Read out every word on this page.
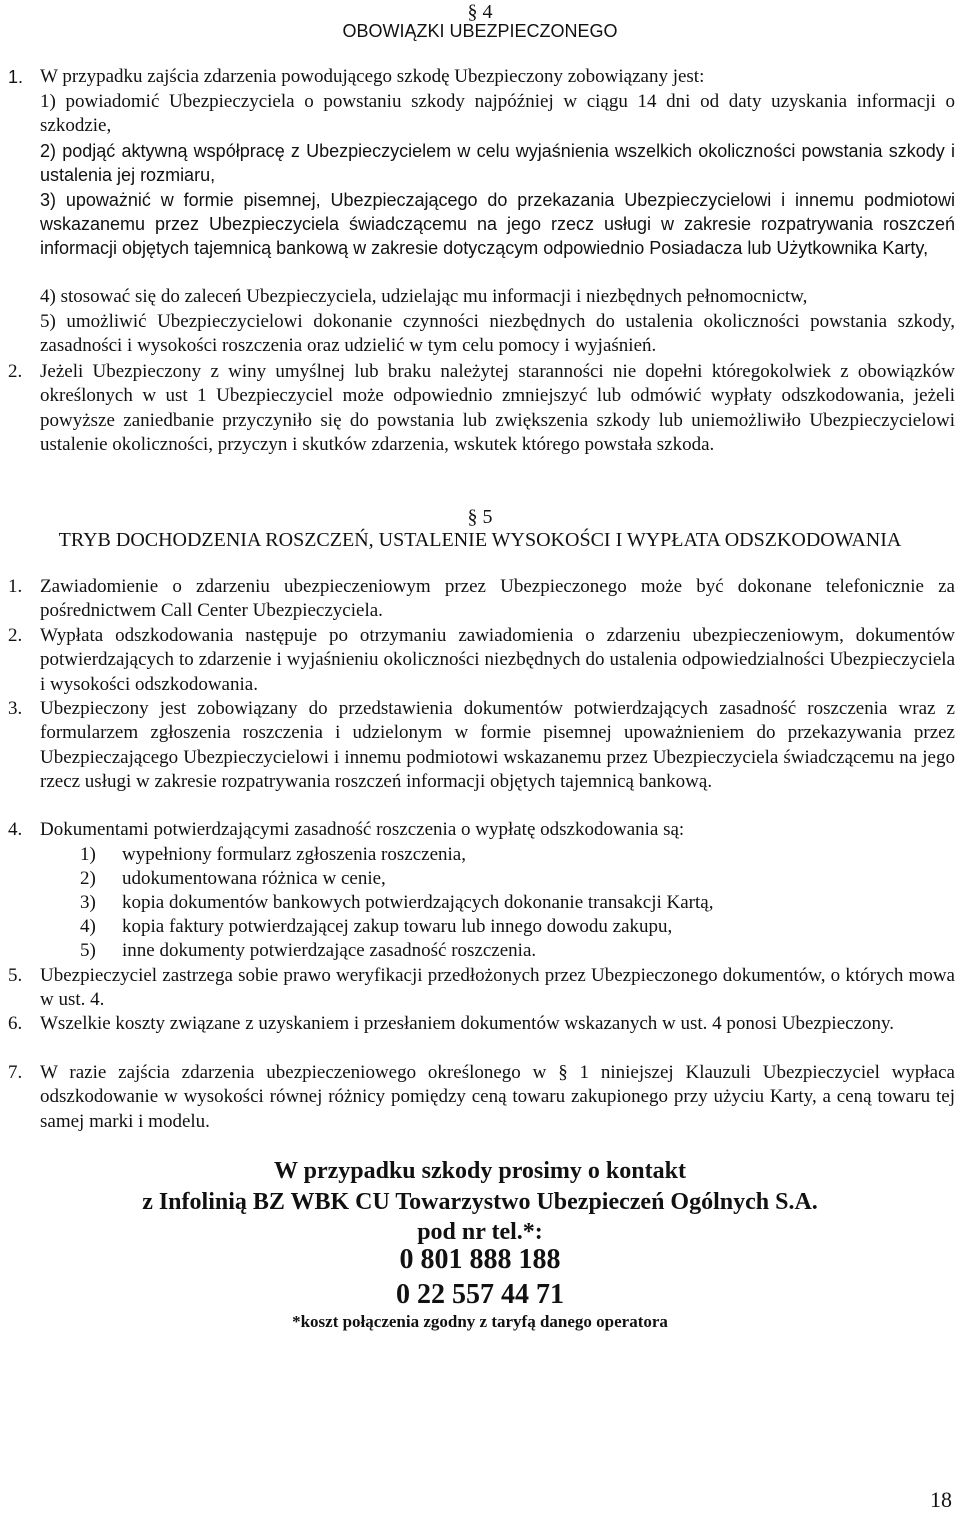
§ 4
OBOWIĄZKI UBEZPIECZONEGO
1. W przypadku zajścia zdarzenia powodującego szkodę Ubezpieczony zobowiązany jest:
1) powiadomić Ubezpieczyciela o powstaniu szkody najpóźniej w ciągu 14 dni od daty uzyskania informacji o szkodzie,
2) podjąć aktywną współpracę z Ubezpieczycielem w celu wyjaśnienia wszelkich okoliczności powstania szkody i ustalenia jej rozmiaru,
3) upoważnić w formie pisemnej, Ubezpieczającego do przekazania Ubezpieczycielowi i innemu podmiotowi wskazanemu przez Ubezpieczyciela świadczącemu na jego rzecz usługi w zakresie rozpatrywania roszczeń informacji objętych tajemnicą bankową w zakresie dotyczącym odpowiednio Posiadacza lub Użytkownika Karty,
4) stosować się do zaleceń Ubezpieczyciela, udzielając mu informacji i niezbędnych pełnomocnictw,
5) umożliwić Ubezpieczycielowi dokonanie czynności niezbędnych do ustalenia okoliczności powstania szkody, zasadności i wysokości roszczenia oraz udzielić w tym celu pomocy i wyjaśnień.
2. Jeżeli Ubezpieczony z winy umyślnej lub braku należytej staranności nie dopełni któregokolwiek z obowiązków określonych w ust 1 Ubezpieczyciel może odpowiednio zmniejszyć lub odmówić wypłaty odszkodowania, jeżeli powyższe zaniedbanie przyczyniło się do powstania lub zwiększenia szkody lub uniemożliwiło Ubezpieczycielowi ustalenie okoliczności, przyczyn i skutków zdarzenia, wskutek którego powstała szkoda.
§ 5
TRYB DOCHODZENIA ROSZCZEŃ, USTALENIE WYSOKOŚCI I WYPŁATA ODSZKODOWANIA
1. Zawiadomienie o zdarzeniu ubezpieczeniowym przez Ubezpieczonego może być dokonane telefonicznie za pośrednictwem Call Center Ubezpieczyciela.
2. Wypłata odszkodowania następuje po otrzymaniu zawiadomienia o zdarzeniu ubezpieczeniowym, dokumentów potwierdzających to zdarzenie i wyjaśnieniu okoliczności niezbędnych do ustalenia odpowiedzialności Ubezpieczyciela i wysokości odszkodowania.
3. Ubezpieczony jest zobowiązany do przedstawienia dokumentów potwierdzających zasadność roszczenia wraz z formularzem zgłoszenia roszczenia i udzielonym w formie pisemnej upoważnieniem do przekazywania przez Ubezpieczającego Ubezpieczycielowi i innemu podmiotowi wskazanemu przez Ubezpieczyciela świadczącemu na jego rzecz usługi w zakresie rozpatrywania roszczeń informacji objętych tajemnicą bankową.
4. Dokumentami potwierdzającymi zasadność roszczenia o wypłatę odszkodowania są:
1) wypełniony formularz zgłoszenia roszczenia,
2) udokumentowana różnica w cenie,
3) kopia dokumentów bankowych potwierdzających dokonanie transakcji Kartą,
4) kopia faktury potwierdzającej zakup towaru lub innego dowodu zakupu,
5) inne dokumenty potwierdzające zasadność roszczenia.
5. Ubezpieczyciel zastrzega sobie prawo weryfikacji przedłożonych przez Ubezpieczonego dokumentów, o których mowa w ust. 4.
6. Wszelkie koszty związane z uzyskaniem i przesłaniem dokumentów wskazanych w ust. 4 ponosi Ubezpieczony.
7. W razie zajścia zdarzenia ubezpieczeniowego określonego w § 1 niniejszej Klauzuli Ubezpieczyciel wypłaca odszkodowanie w wysokości równej różnicy pomiędzy ceną towaru zakupionego przy użyciu Karty, a ceną towaru tej samej marki i modelu.
W przypadku szkody prosimy o kontakt
z Infolinią BZ WBK CU Towarzystwo Ubezpieczeń Ogólnych S.A.
pod nr tel.*:
0 801 888 188
0 22 557 44 71
*koszt połączenia zgodny z taryfą danego operatora
18
